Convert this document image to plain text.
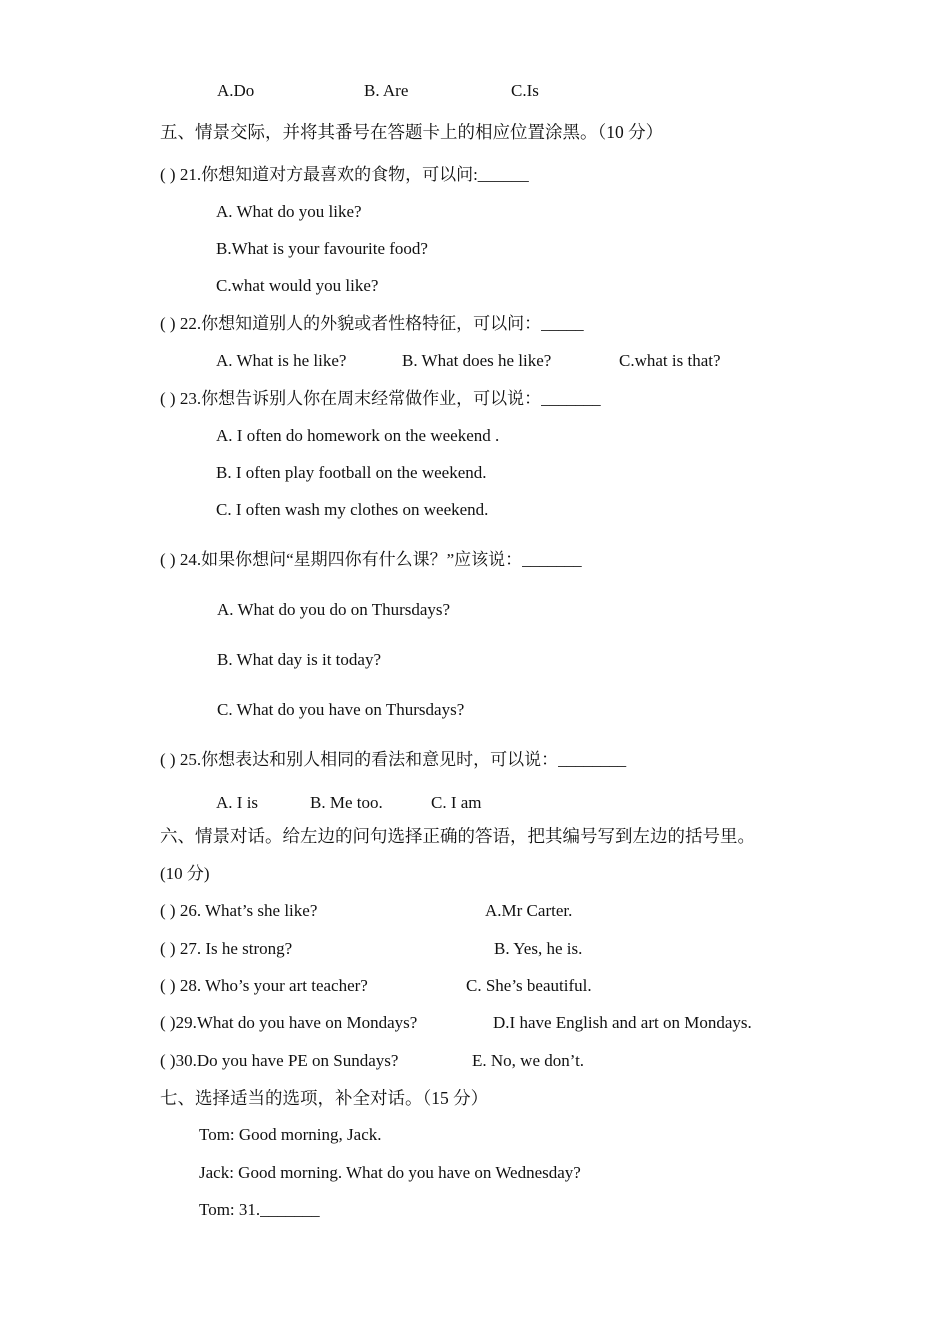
A.Do	B. Are	C.Is
五、情景交际，并将其番号在答题卡上的相应位置涂黑。（10 分）
( ) 21.你想知道对方最喜欢的食物，可以问:______
A. What do you like?
B.What is your favourite food?
C.what would you like?
( ) 22.你想知道别人的外貌或者性格特征，可以问：_____
A. What is he like?	B. What does he like?	C.what is that?
( ) 23.你想告诉别人你在周末经常做作业，可以说：_______
A. I often do homework on the weekend .
B. I often play football on the weekend.
C. I often wash my clothes on weekend.
( ) 24.如果你想问“星期四你有什么课？”应该说：_______
A. What do you do on Thursdays?
B. What day is it today?
C. What do you have on Thursdays?
( ) 25.你想表达和别人相同的看法和意见时，可以说：________
A. I is	B. Me too.	C. I am
六、情景对话。给左边的问句选择正确的答语，把其编号写到左边的括号里。
(10 分)
( ) 26. What’s she like?	A.Mr Carter.
( ) 27. Is he strong?	B. Yes, he is.
( ) 28. Who’s your art teacher?	C. She’s beautiful.
( )29.What do you have on Mondays?	D.I have English and art on Mondays.
( )30.Do you have PE on Sundays?	E. No, we don’t.
七、选择适当的选项，补全对话。（15 分）
Tom: Good morning, Jack.
Jack: Good morning. What do you have on Wednesday?
Tom: 31._______
